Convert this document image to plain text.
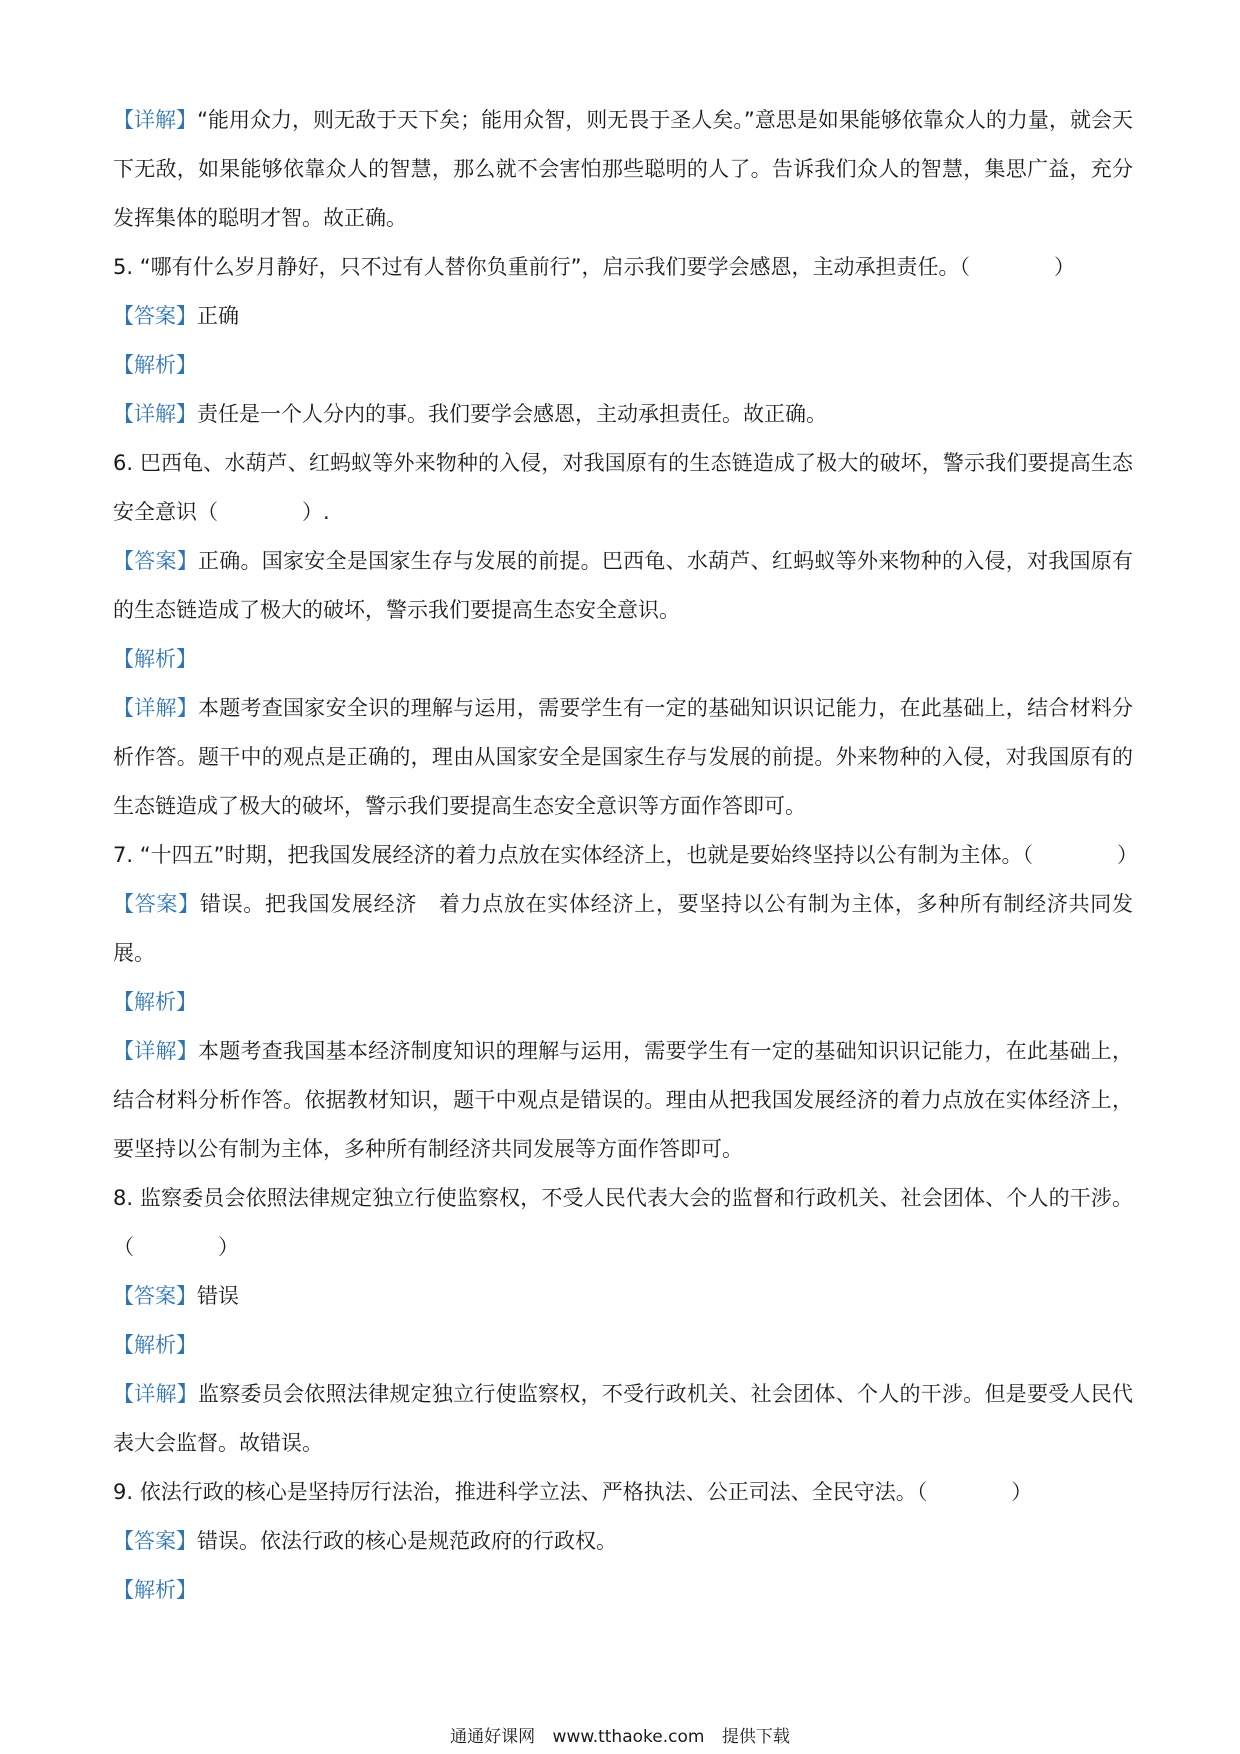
【详解】“能用众力，则无敌于天下矣；能用众智，则无畏于圣人矣。”意思是如果能够依靠众人的力量，就会天下无敌，如果能够依靠众人的智慧，那么就不会害怕那些聪明的人了。告诉我们众人的智慧，集思广益，充分发挥集体的聪明才智。故正确。
5. “哪有什么岁月静好，只不过有人替你负重前行”，启示我们要学会感恩，主动承担责任。（　　　　）
【答案】正确
【解析】
【详解】责任是一个人分内的事。我们要学会感恩，主动承担责任。故正确。
6. 巴西龟、水葫芦、红蚂蚁等外来物种的入侵，对我国原有的生态链造成了极大的破坏，警示我们要提高生态安全意识（　　　　）.
【答案】正确。国家安全是国家生存与发展的前提。巴西龟、水葫芦、红蚂蚁等外来物种的入侵，对我国原有的生态链造成了极大的破坏，警示我们要提高生态安全意识。
【解析】
【详解】本题考查国家安全识的理解与运用，需要学生有一定的基础知识识记能力，在此基础上，结合材料分析作答。题干中的观点是正确的，理由从国家安全是国家生存与发展的前提。外来物种的入侵，对我国原有的生态链造成了极大的破坏，警示我们要提高生态安全意识等方面作答即可。
7. “十四五”时期，把我国发展经济的着力点放在实体经济上，也就是要始终坚持以公有制为主体。（　　　　）
【答案】错误。把我国发展经济　着力点放在实体经济上，要坚持以公有制为主体，多种所有制经济共同发展。
【解析】
【详解】本题考查我国基本经济制度知识的理解与运用，需要学生有一定的基础知识识记能力，在此基础上，结合材料分析作答。依据教材知识，题干中观点是错误的。理由从把我国发展经济的着力点放在实体经济上，要坚持以公有制为主体，多种所有制经济共同发展等方面作答即可。
8. 监察委员会依照法律规定独立行使监察权，不受人民代表大会的监督和行政机关、社会团体、个人的干涉。（　　　　）
【答案】错误
【解析】
【详解】监察委员会依照法律规定独立行使监察权，不受行政机关、社会团体、个人的干涉。但是要受人民代表大会监督。故错误。
9. 依法行政的核心是坚持厉行法治，推进科学立法、严格执法、公正司法、全民守法。（　　　　）
【答案】错误。依法行政的核心是规范政府的行政权。
【解析】
通通好课网 www.tthaoke.com 提供下载
